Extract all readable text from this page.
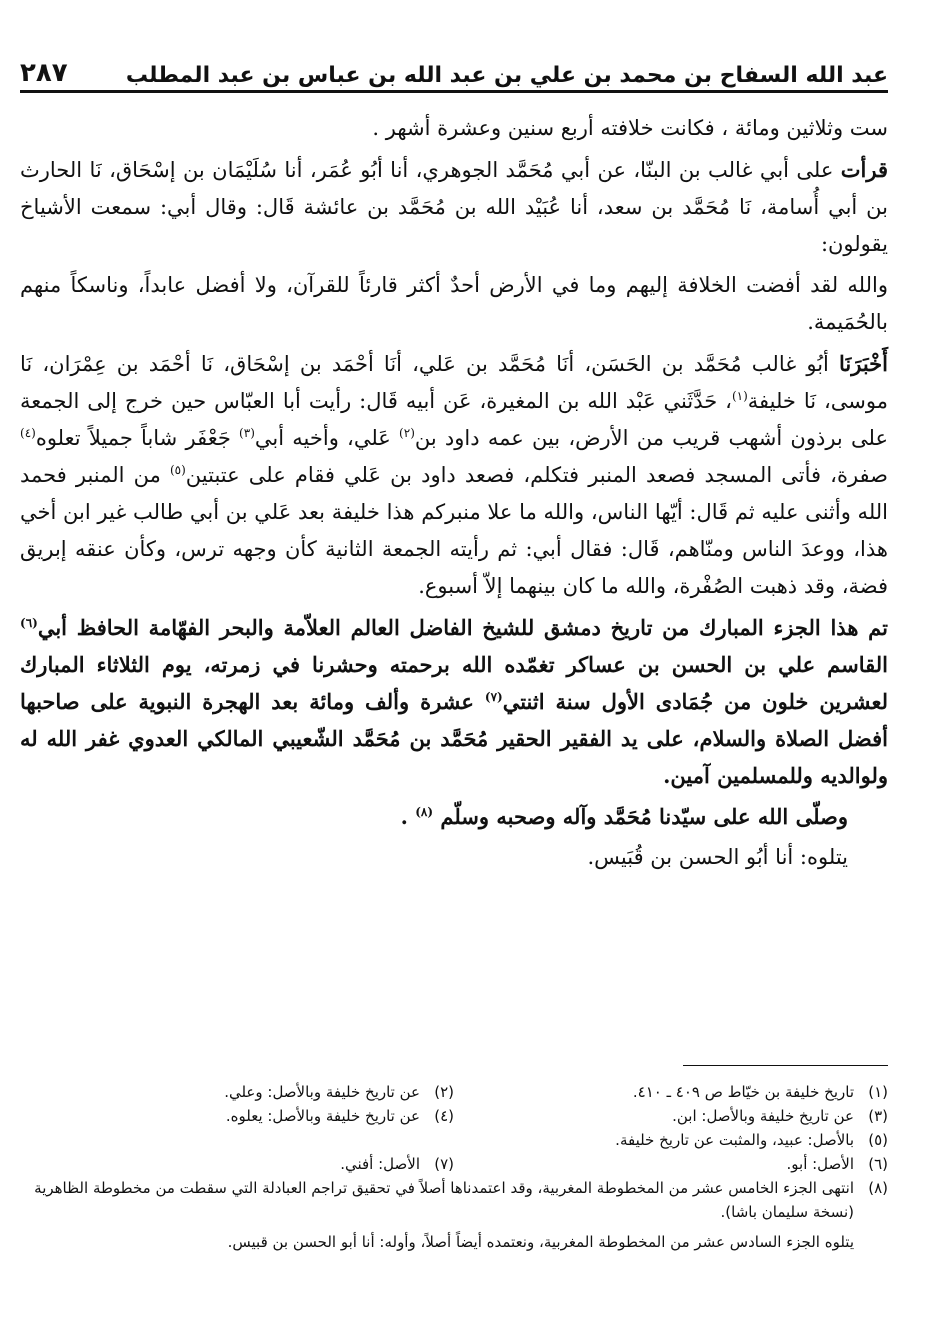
٢٨٧	عبد الله السفاح بن محمد بن علي بن عبد الله بن عباس بن عبد المطلب

ست وثلاثين ومائة ، فكانت خلافته أربع سنين وعشرة أشهر .

قرأت على أبي غالب بن البنّا، عن أبي مُحَمَّد الجوهري، أنا أبُو عُمَر، أنا سُلَيْمَان بن إسْحَاق، نَا الحارث بن أبي أُسامة، نَا مُحَمَّد بن سعد، أنا عُبَيْد الله بن مُحَمَّد بن عائشة قَال: وقال أبي: سمعت الأشياخ يقولون:

والله لقد أفضت الخلافة إليهم وما في الأرض أحدٌ أكثر قارئاً للقرآن، ولا أفضل عابداً، وناسكاً منهم بالحُمَيمة.

أَخْبَرَنَا أبُو غالب مُحَمَّد بن الحَسَن، أنَا مُحَمَّد بن عَلي، أنَا أحْمَد بن إسْحَاق، نَا أحْمَد بن عِمْرَان، نَا موسى، نَا خليفة$^{(١)}$، حَدَّثَني عَبْد الله بن المغيرة، عَن أبيه قَال: رأيت أبا العبّاس حين خرج إلى الجمعة على برذون أشهب قريب من الأرض، بين عمه داود بن$^{(٢)}$ عَلي، وأخيه أبي$^{(٣)}$ جَعْفَر شاباً جميلاً تعلوه$^{(٤)}$ صفرة، فأتى المسجد فصعد المنبر فتكلم، فصعد داود بن عَلي فقام على عتبتين$^{(٥)}$ من المنبر فحمد الله وأثنى عليه ثم قَال: أيّها الناس، والله ما علا منبركم هذا خليفة بعد عَلي بن أبي طالب غير ابن أخي هذا، ووعدَ الناس ومنّاهم، قَال: فقال أبي: ثم رأيته الجمعة الثانية كأن وجهه ترس، وكأن عنقه إبريق فضة، وقد ذهبت الصُفْرة، والله ما كان بينهما إلاّ أسبوع.

تم هذا الجزء المبارك من تاريخ دمشق للشيخ الفاضل العالم العلاّمة والبحر الفهّامة الحافظ أبي$^{(٦)}$ القاسم علي بن الحسن بن عساكر تغمّده الله برحمته وحشرنا في زمرته، يوم الثلاثاء المبارك لعشرين خلون من جُمَادى الأول سنة اثنتي$^{(٧)}$ عشرة وألف ومائة بعد الهجرة النبوية على صاحبها أفضل الصلاة والسلام، على يد الفقير الحقير مُحَمَّد بن مُحَمَّد الشّعيبي المالكي العدوي غفر الله له ولوالديه وللمسلمين آمين.

وصلّى الله على سيّدنا مُحَمَّد وآله وصحبه وسلّم $^{(٨)}$ .

يتلوه: أنا أبُو الحسن بن قُبَيس.

(١)
تاريخ خليفة بن خيّاط ص ٤٠٩ ـ ٤١٠.
(٢)
عن تاريخ خليفة وبالأصل: وعلي.
(٣)
عن تاريخ خليفة وبالأصل: ابن.
(٤)
عن تاريخ خليفة وبالأصل: يعلوه.
(٥)
بالأصل: عبيد، والمثبت عن تاريخ خليفة.
(٦)
الأصل: أبو.
(٧)
الأصل: أفني.
(٨)
انتهى الجزء الخامس عشر من المخطوطة المغربية، وقد اعتمدناها أصلاً في تحقيق تراجم العبادلة التي سقطت من مخطوطة الظاهرية (نسخة سليمان باشا).
يتلوه الجزء السادس عشر من المخطوطة المغربية، ونعتمده أيضاً أصلاً، وأوله: أنا أبو الحسن بن قبيس.
